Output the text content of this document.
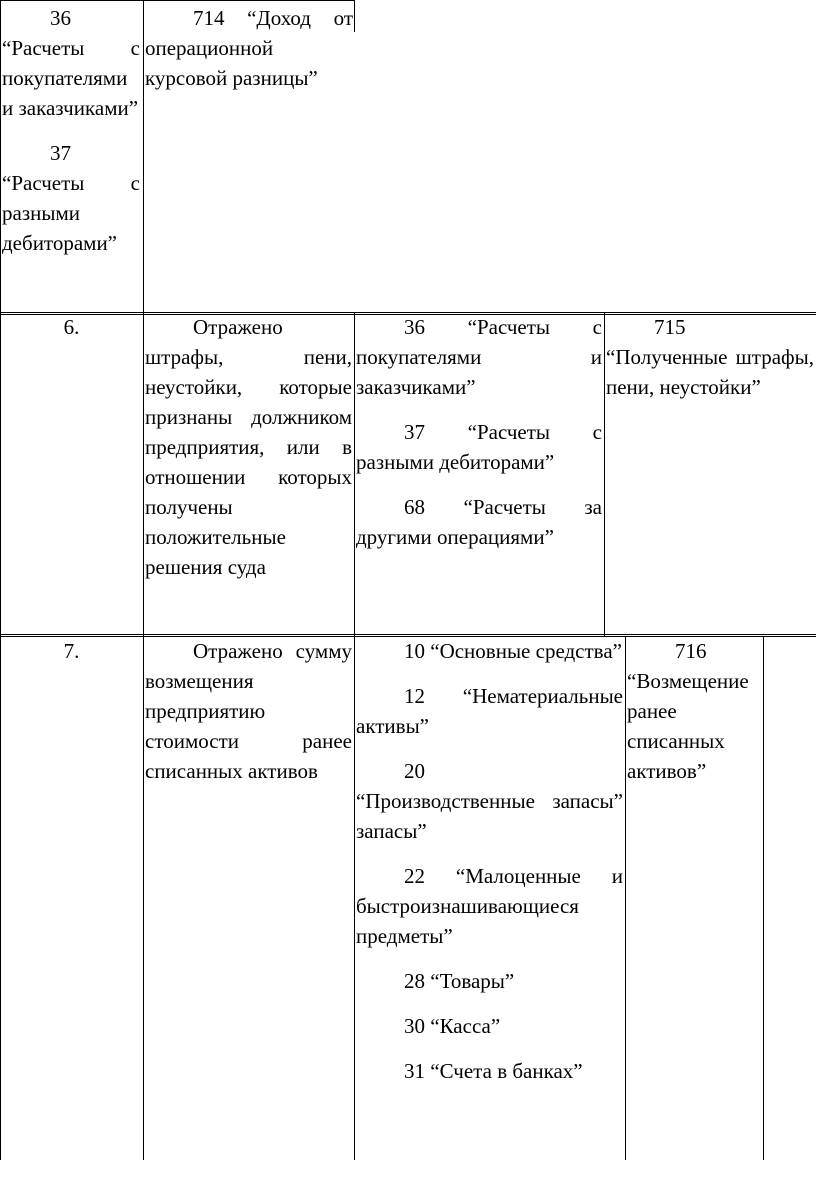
36

“Расчеты с покупателями и заказчиками”

37

“Расчеты с разными дебиторами”

714 “Доход от операционной курсовой разницы”

6.	Отражено штрафы, пени, неустойки, которые признаны должником предприятия, или в отношении которых получены положительные решения суда

36 “Расчеты с покупателями и заказчиками”

37 “Расчеты с разными дебиторами”

68 “Расчеты за другими операциями”

715

“Полученные штрафы, пени, неустойки”

7.	Отражено сумму возмещения предприятию стоимости ранее списанных активов

10 “Основные средства”

12 “Нематериальные активы”

20

“Производственные запасы” запасы”

22 “Малоценные и быстроизнашивающиеся предметы”

28 “Товары”

30 “Касса”

31 “Счета в банках”

716

“Возмещение ранее списанных активов”
